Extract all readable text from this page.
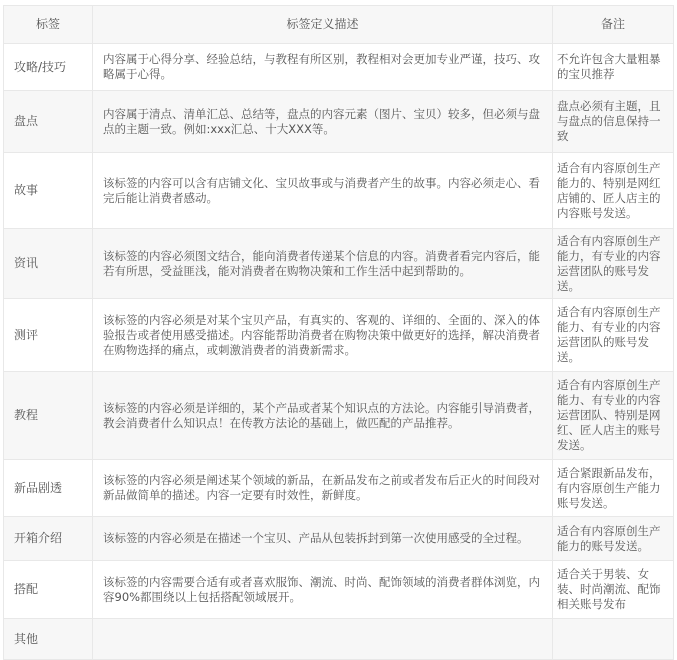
标签	标签定义描述	备注
攻略/技巧	内容属于心得分享、经验总结，与教程有所区别，教程相对会更加专业严谨，技巧、攻略属于心得。	不允许包含大量粗暴的宝贝推荐
盘点	内容属于清点、清单汇总、总结等，盘点的内容元素（图片、宝贝）较多，但必须与盘点的主题一致。例如:xxx汇总、十大XXX等。	盘点必须有主题，且与盘点的信息保持一致
故事	该标签的内容可以含有店铺文化、宝贝故事或与消费者产生的故事。内容必须走心、看完后能让消费者感动。	适合有内容原创生产能力的、特别是网红店铺的、匠人店主的内容账号发送。
资讯	该标签的内容必须图文结合，能向消费者传递某个信息的内容。消费者看完内容后，能若有所思，受益匪浅，能对消费者在购物决策和工作生活中起到帮助的。	适合有内容原创生产能力，有专业的内容运营团队的账号发送。
测评	该标签的内容必须是对某个宝贝产品，有真实的、客观的、详细的、全面的、深入的体验报告或者使用感受描述。内容能帮助消费者在购物决策中做更好的选择，解决消费者在购物选择的痛点，或刺激消费者的消费新需求。	适合有内容原创生产能力、有专业的内容运营团队的账号发送。
教程	该标签的内容必须是详细的，某个产品或者某个知识点的方法论。内容能引导消费者，教会消费者什么知识点！在传教方法论的基础上，做匹配的产品推荐。	适合有内容原创生产能力、有专业的内容运营团队、特别是网红、匠人店主的账号发送。
新品剧透	该标签的内容必须是阐述某个领域的新品，在新品发布之前或者发布后正火的时间段对新品做简单的描述。内容一定要有时效性，新鲜度。	适合紧跟新品发布，有内容原创生产能力账号发送。
开箱介绍	该标签的内容必须是在描述一个宝贝、产品从包装拆封到第一次使用感受的全过程。	适合有内容原创生产能力的账号发送。
搭配	该标签的内容需要合适有或者喜欢服饰、潮流、时尚、配饰领域的消费者群体浏览，内容90%都围绕以上包括搭配领域展开。	适合关于男装、女装、时尚潮流、配饰相关账号发布
其他		
